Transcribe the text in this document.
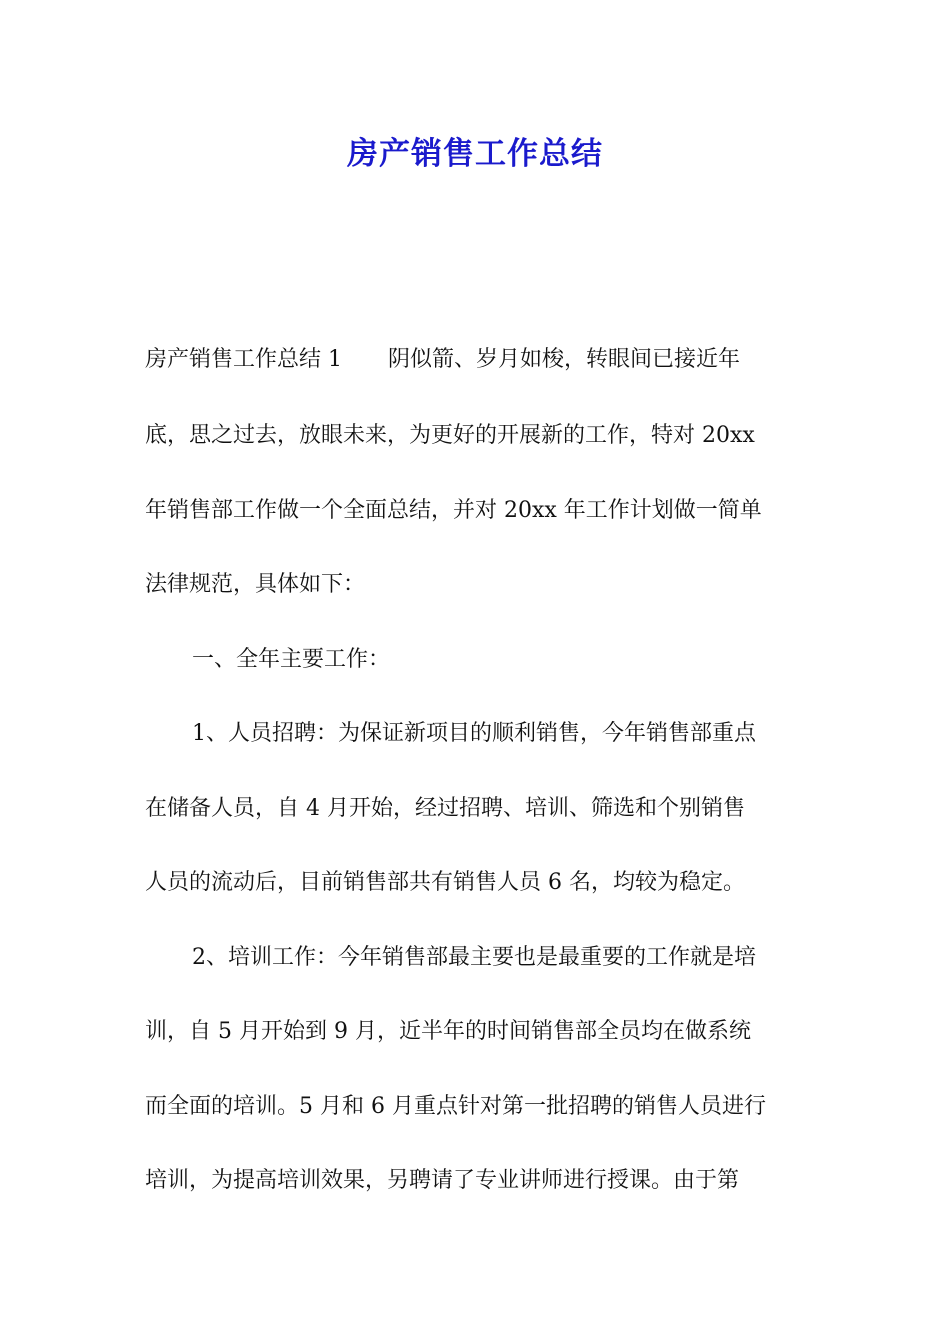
房产销售工作总结
房产销售工作总结 1 阴似箭、岁月如梭，转眼间已接近年
底，思之过去，放眼未来，为更好的开展新的工作，特对 20xx
年销售部工作做一个全面总结，并对 20xx 年工作计划做一简单
法律规范，具体如下：
一、全年主要工作：
1、人员招聘：为保证新项目的顺利销售，今年销售部重点
在储备人员，自 4 月开始，经过招聘、培训、筛选和个别销售
人员的流动后，目前销售部共有销售人员 6 名，均较为稳定。
2、培训工作：今年销售部最主要也是最重要的工作就是培
训，自 5 月开始到 9 月，近半年的时间销售部全员均在做系统
而全面的培训。5 月和 6 月重点针对第一批招聘的销售人员进行
培训，为提高培训效果，另聘请了专业讲师进行授课。由于第
